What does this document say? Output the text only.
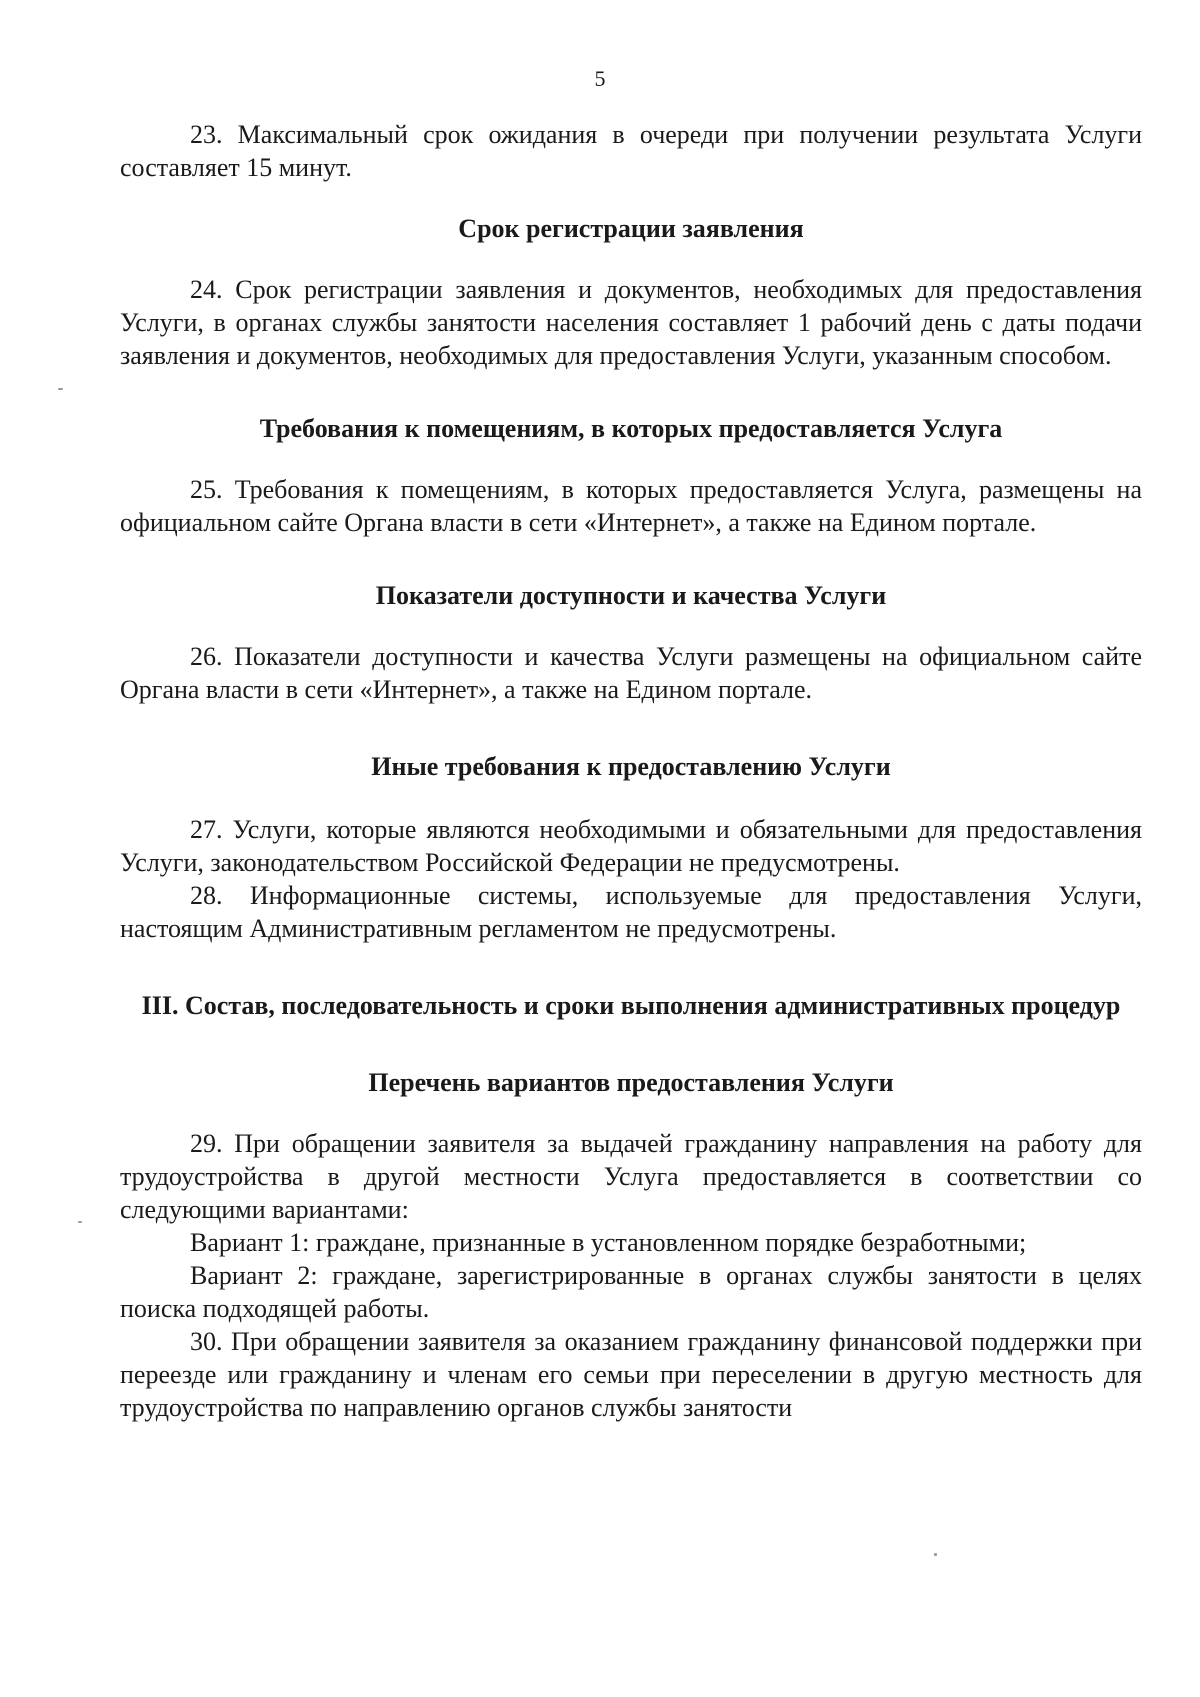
5

23. Максимальный срок ожидания в очереди при получении результата Услуги составляет 15 минут.

Срок регистрации заявления

24. Срок регистрации заявления и документов, необходимых для предоставления Услуги, в органах службы занятости населения составляет 1 рабочий день с даты подачи заявления и документов, необходимых для предоставления Услуги, указанным способом.

Требования к помещениям, в которых предоставляется Услуга

25. Требования к помещениям, в которых предоставляется Услуга, размещены на официальном сайте Органа власти в сети «Интернет», а также на Едином портале.

Показатели доступности и качества Услуги

26. Показатели доступности и качества Услуги размещены на официальном сайте Органа власти в сети «Интернет», а также на Едином портале.

Иные требования к предоставлению Услуги

27. Услуги, которые являются необходимыми и обязательными для предоставления Услуги, законодательством Российской Федерации не предусмотрены.

28. Информационные системы, используемые для предоставления Услуги, настоящим Административным регламентом не предусмотрены.

III. Состав, последовательность и сроки выполнения административных процедур

Перечень вариантов предоставления Услуги

29. При обращении заявителя за выдачей гражданину направления на работу для трудоустройства в другой местности Услуга предоставляется в соответствии со следующими вариантами:

Вариант 1: граждане, признанные в установленном порядке безработными;

Вариант 2: граждане, зарегистрированные в органах службы занятости в целях поиска подходящей работы.

30. При обращении заявителя за оказанием гражданину финансовой поддержки при переезде или гражданину и членам его семьи при переселении в другую местность для трудоустройства по направлению органов службы занятости
